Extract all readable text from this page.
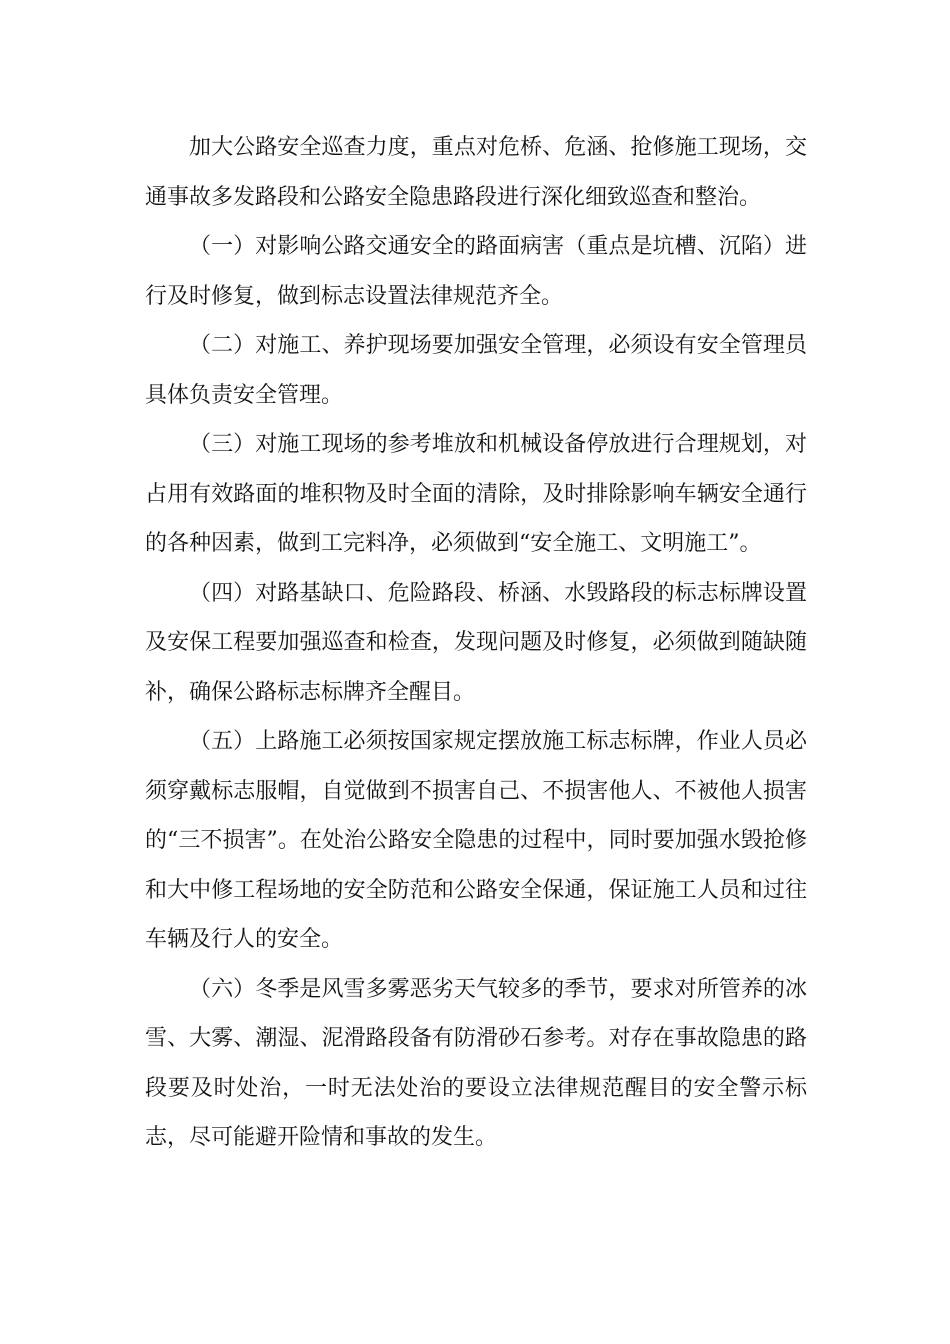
加大公路安全巡查力度，重点对危桥、危涵、抢修施工现场，交通事故多发路段和公路安全隐患路段进行深化细致巡查和整治。

（一）对影响公路交通安全的路面病害（重点是坑槽、沉陷）进行及时修复，做到标志设置法律规范齐全。

（二）对施工、养护现场要加强安全管理，必须设有安全管理员具体负责安全管理。

（三）对施工现场的参考堆放和机械设备停放进行合理规划，对占用有效路面的堆积物及时全面的清除，及时排除影响车辆安全通行的各种因素，做到工完料净，必须做到“安全施工、文明施工”。

（四）对路基缺口、危险路段、桥涵、水毁路段的标志标牌设置及安保工程要加强巡查和检查，发现问题及时修复，必须做到随缺随补，确保公路标志标牌齐全醒目。

（五）上路施工必须按国家规定摆放施工标志标牌，作业人员必须穿戴标志服帽，自觉做到不损害自己、不损害他人、不被他人损害的“三不损害”。在处治公路安全隐患的过程中，同时要加强水毁抢修和大中修工程场地的安全防范和公路安全保通，保证施工人员和过往车辆及行人的安全。

（六）冬季是风雪多雾恶劣天气较多的季节，要求对所管养的冰雪、大雾、潮湿、泥滑路段备有防滑砂石参考。对存在事故隐患的路段要及时处治，一时无法处治的要设立法律规范醒目的安全警示标志，尽可能避开险情和事故的发生。
